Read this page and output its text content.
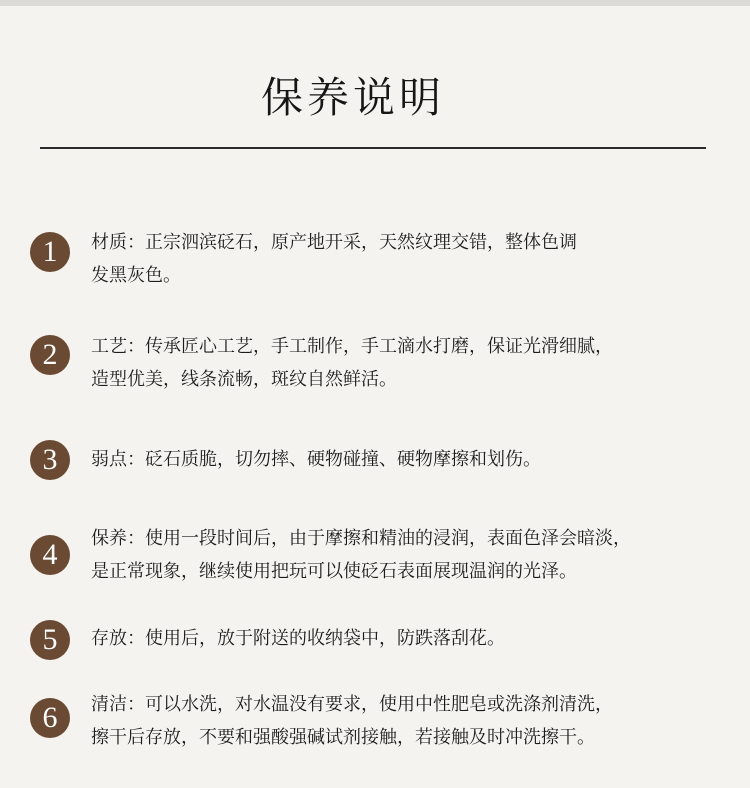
保养说明
1	材质：正宗泗滨砭石，原产地开采，天然纹理交错，整体色调
发黑灰色。
2	工艺：传承匠心工艺，手工制作，手工滴水打磨，保证光滑细腻，
造型优美，线条流畅，斑纹自然鲜活。
3	弱点：砭石质脆，切勿摔、硬物碰撞、硬物摩擦和划伤。
4	保养：使用一段时间后，由于摩擦和精油的浸润，表面色泽会暗淡，
是正常现象，继续使用把玩可以使砭石表面展现温润的光泽。
5	存放：使用后，放于附送的收纳袋中，防跌落刮花。
6	清洁：可以水洗，对水温没有要求，使用中性肥皂或洗涤剂清洗，
擦干后存放，不要和强酸强碱试剂接触，若接触及时冲洗擦干。
